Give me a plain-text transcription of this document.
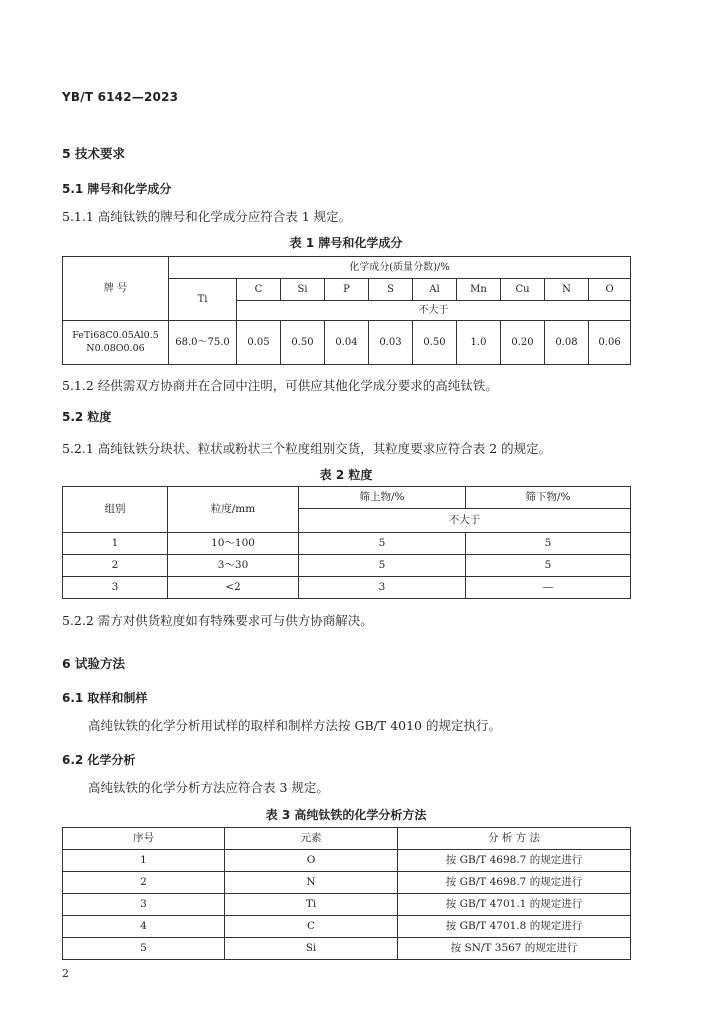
YB/T 6142—2023
5 技术要求
5.1 牌号和化学成分
5.1.1 高纯钛铁的牌号和化学成分应符合表 1 规定。
表 1 牌号和化学成分
牌 号	化学成分(质量分数)/%									
	Ti	C	Si	P	S	Al	Mn	Cu	N	O
		不大于								
FeTi68C0.05Al0.5 N0.08O0.06	68.0～75.0	0.05	0.50	0.04	0.03	0.50	1.0	0.20	0.08	0.06
5.1.2 经供需双方协商并在合同中注明，可供应其他化学成分要求的高纯钛铁。
5.2 粒度
5.2.1 高纯钛铁分块状、粒状或粉状三个粒度组别交货，其粒度要求应符合表 2 的规定。
表 2 粒度
组别	粒度/mm	筛上物/%	筛下物/%
		不大于	
1	10～100	5	5
2	3～30	5	5
3	<2	3	—
5.2.2 需方对供货粒度如有特殊要求可与供方协商解决。
6 试验方法
6.1 取样和制样
高纯钛铁的化学分析用试样的取样和制样方法按 GB/T 4010 的规定执行。
6.2 化学分析
高纯钛铁的化学分析方法应符合表 3 规定。
表 3 高纯钛铁的化学分析方法
序号	元素	分 析 方 法
1	O	按 GB/T 4698.7 的规定进行
2	N	按 GB/T 4698.7 的规定进行
3	Ti	按 GB/T 4701.1 的规定进行
4	C	按 GB/T 4701.8 的规定进行
5	Si	按 SN/T 3567 的规定进行
2
